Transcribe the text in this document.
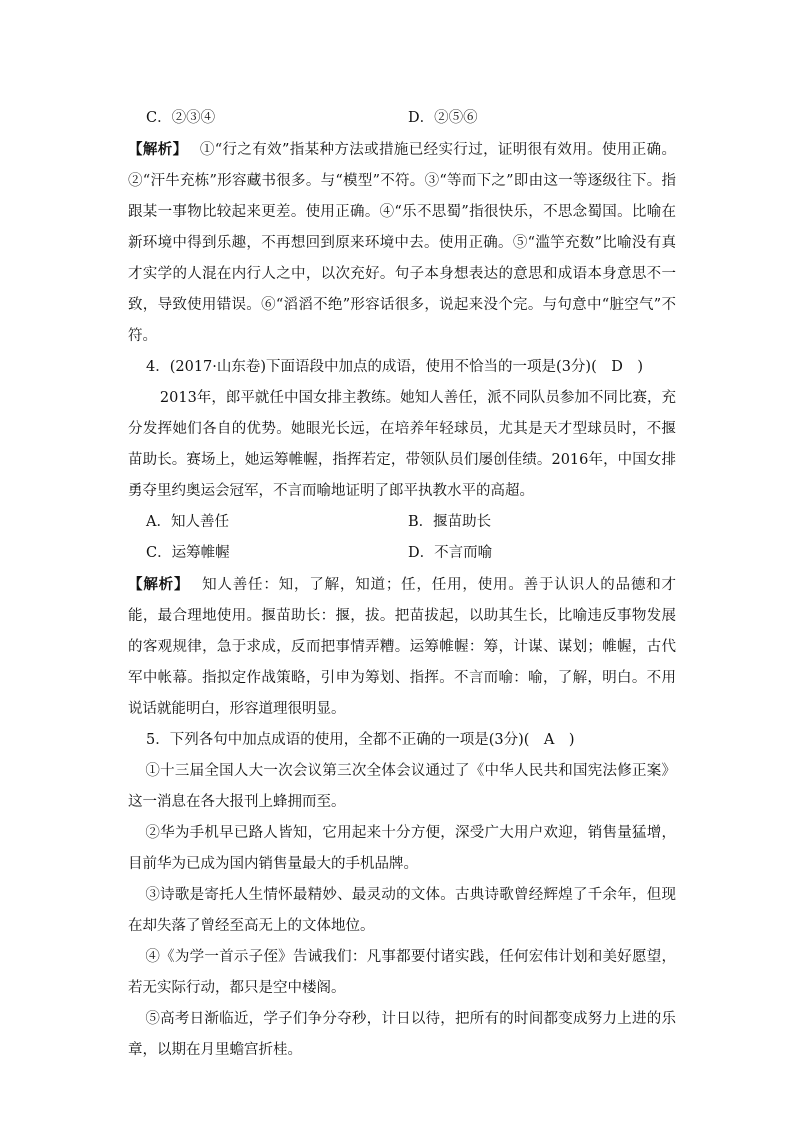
C．②③④	D．②⑤⑥

【解析】 ①“行之有效”指某种方法或措施已经实行过，证明很有效用。使用正确。②“汗牛充栋”形容藏书很多。与“模型”不符。③“等而下之”即由这一等逐级往下。指跟某一事物比较起来更差。使用正确。④“乐不思蜀”指很快乐，不思念蜀国。比喻在新环境中得到乐趣，不再想回到原来环境中去。使用正确。⑤“滥竽充数”比喻没有真才实学的人混在内行人之中，以次充好。句子本身想表达的意思和成语本身意思不一致，导致使用错误。⑥“滔滔不绝”形容话很多，说起来没个完。与句意中“脏空气”不符。

4．(2017·山东卷)下面语段中加点的成语，使用不恰当的一项是(3分)(　D　)

2013年，郎平就任中国女排主教练。她知人善任，派不同队员参加不同比赛，充分发挥她们各自的优势。她眼光长远，在培养年轻球员，尤其是天才型球员时，不揠苗助长。赛场上，她运筹帷幄，指挥若定，带领队员们屡创佳绩。2016年，中国女排勇夺里约奥运会冠军，不言而喻地证明了郎平执教水平的高超。

A．知人善任	B．揠苗助长
C．运筹帷幄	D．不言而喻

【解析】 知人善任：知，了解，知道；任，任用，使用。善于认识人的品德和才能，最合理地使用。揠苗助长：揠，拔。把苗拔起，以助其生长，比喻违反事物发展的客观规律，急于求成，反而把事情弄糟。运筹帷幄：筹，计谋、谋划；帷幄，古代军中帐幕。指拟定作战策略，引申为筹划、指挥。不言而喻：喻，了解，明白。不用说话就能明白，形容道理很明显。

5．下列各句中加点成语的使用，全都不正确的一项是(3分)(　A　)

①十三届全国人大一次会议第三次全体会议通过了《中华人民共和国宪法修正案》这一消息在各大报刊上蜂拥而至。

②华为手机早已路人皆知，它用起来十分方便，深受广大用户欢迎，销售量猛增，目前华为已成为国内销售量最大的手机品牌。

③诗歌是寄托人生情怀最精妙、最灵动的文体。古典诗歌曾经辉煌了千余年，但现在却失落了曾经至高无上的文体地位。

④《为学一首示子侄》告诫我们：凡事都要付诸实践，任何宏伟计划和美好愿望，若无实际行动，都只是空中楼阁。

⑤高考日渐临近，学子们争分夺秒，计日以待，把所有的时间都变成努力上进的乐章，以期在月里蟾宫折桂。
